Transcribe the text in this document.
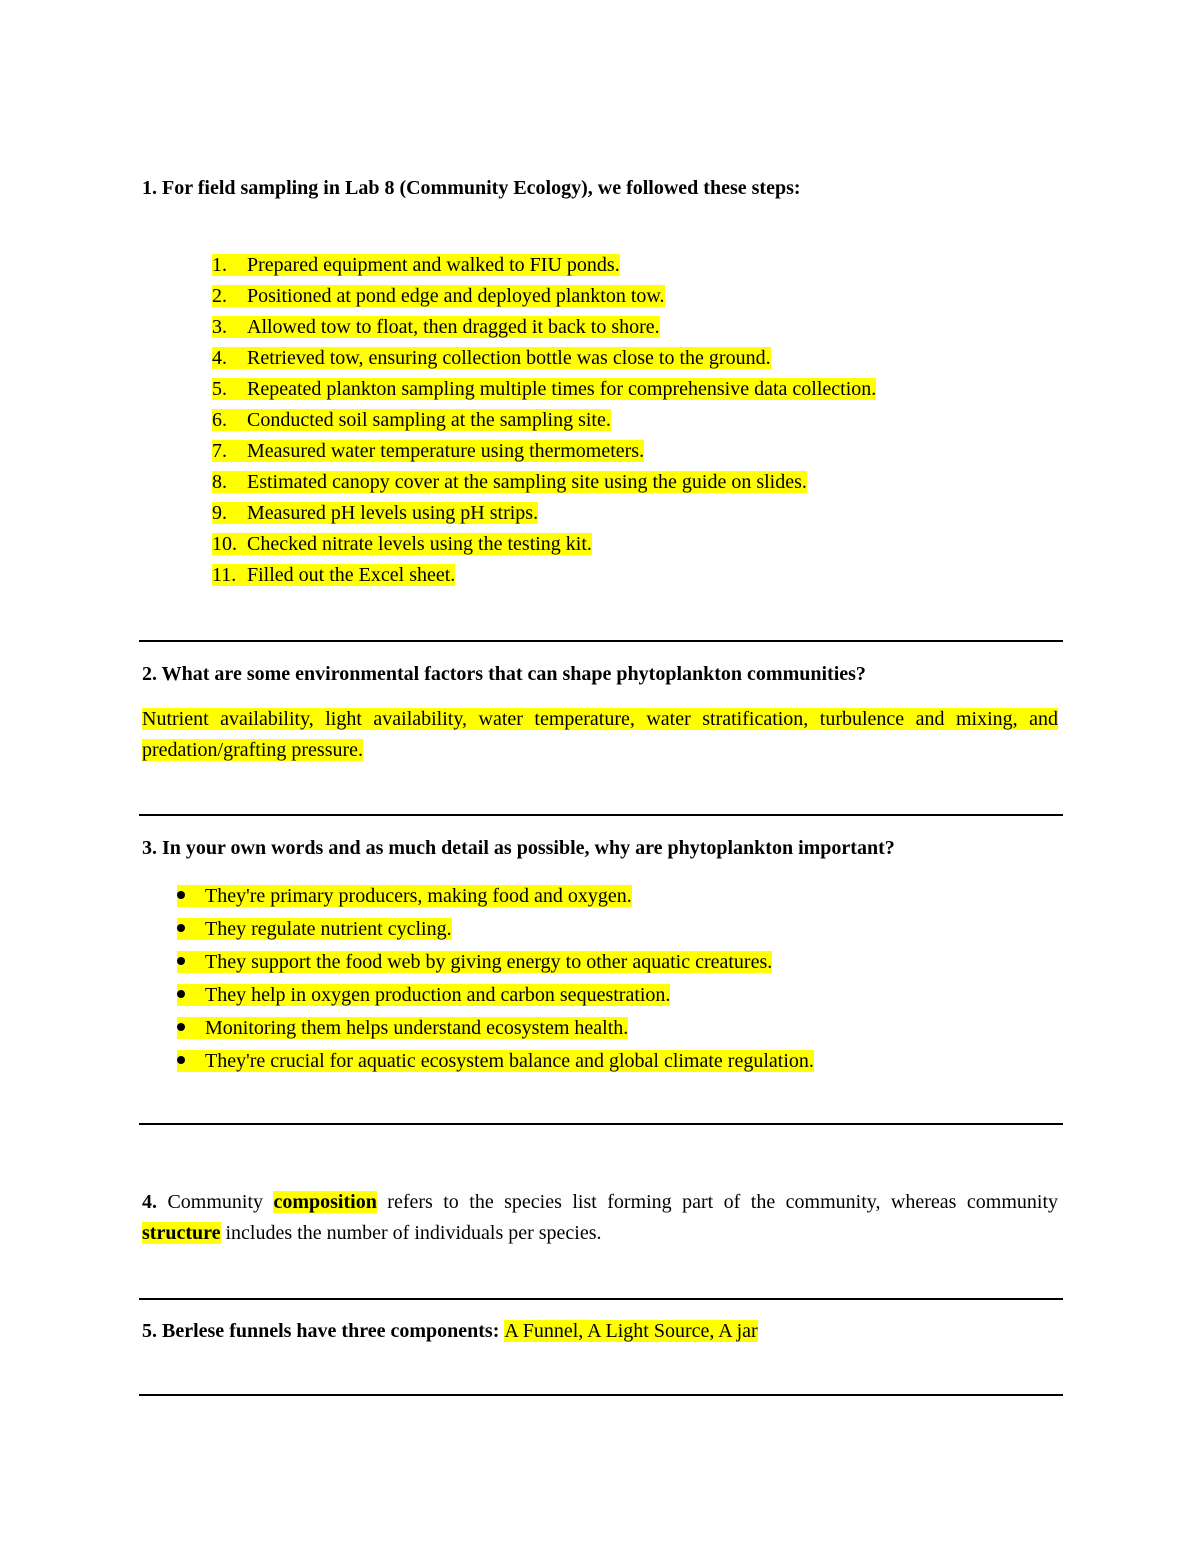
1. For field sampling in Lab 8 (Community Ecology), we followed these steps:
1. Prepared equipment and walked to FIU ponds.
2. Positioned at pond edge and deployed plankton tow.
3. Allowed tow to float, then dragged it back to shore.
4. Retrieved tow, ensuring collection bottle was close to the ground.
5. Repeated plankton sampling multiple times for comprehensive data collection.
6. Conducted soil sampling at the sampling site.
7. Measured water temperature using thermometers.
8. Estimated canopy cover at the sampling site using the guide on slides.
9. Measured pH levels using pH strips.
10. Checked nitrate levels using the testing kit.
11. Filled out the Excel sheet.
2. What are some environmental factors that can shape phytoplankton communities?
Nutrient availability, light availability, water temperature, water stratification, turbulence and mixing, and predation/grafting pressure.
3. In your own words and as much detail as possible, why are phytoplankton important?
They're primary producers, making food and oxygen.
They regulate nutrient cycling.
They support the food web by giving energy to other aquatic creatures.
They help in oxygen production and carbon sequestration.
Monitoring them helps understand ecosystem health.
They're crucial for aquatic ecosystem balance and global climate regulation.
4. Community composition refers to the species list forming part of the community, whereas community structure includes the number of individuals per species.
5. Berlese funnels have three components: A Funnel, A Light Source, A jar
